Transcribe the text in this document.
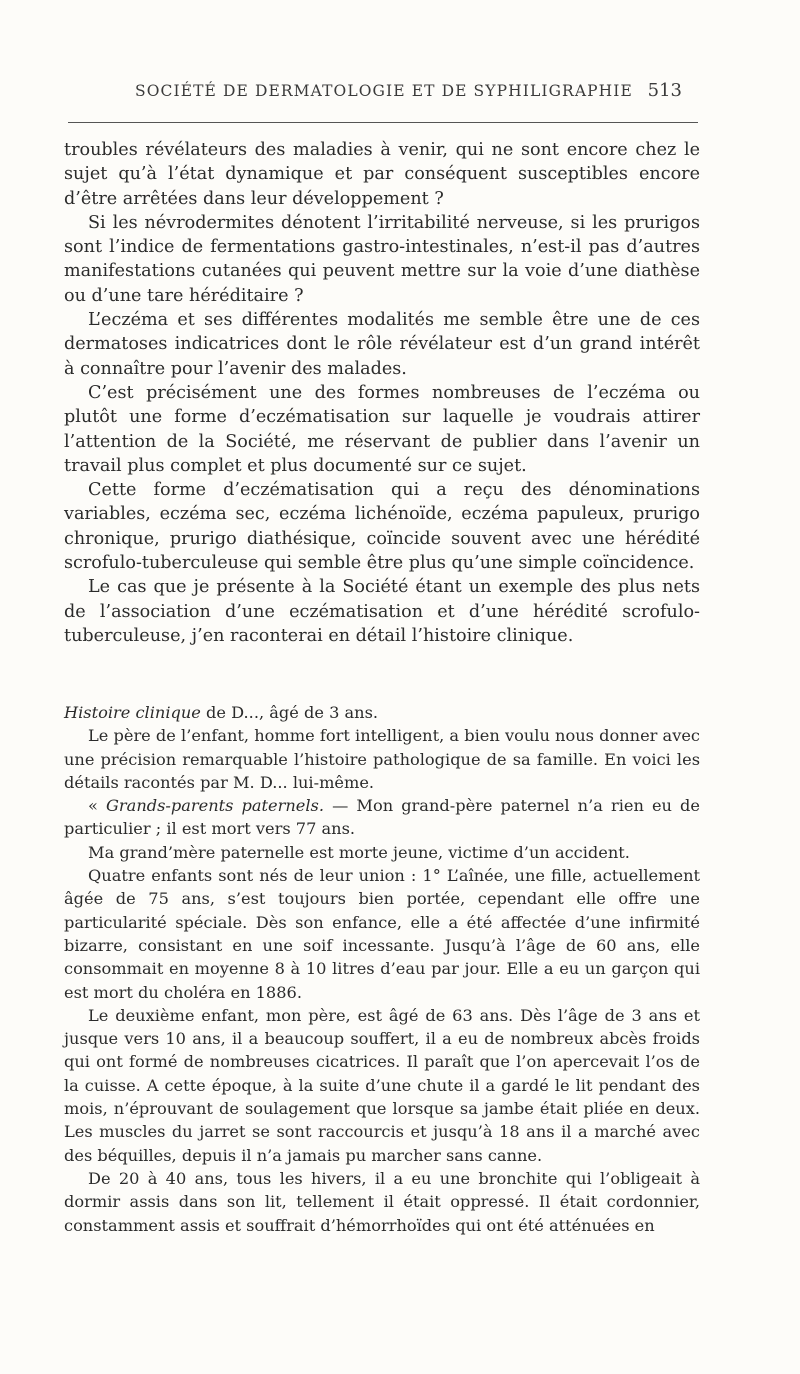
SOCIÉTÉ DE DERMATOLOGIE ET DE SYPHILIGRAPHIE 513

troubles révélateurs des maladies à venir, qui ne sont encore chez le sujet qu’à l’état dynamique et par conséquent susceptibles encore d’être arrêtées dans leur développement ?

Si les névrodermites dénotent l’irritabilité nerveuse, si les prurigos sont l’indice de fermentations gastro-intestinales, n’est-il pas d’autres manifestations cutanées qui peuvent mettre sur la voie d’une diathèse ou d’une tare héréditaire ?

L’eczéma et ses différentes modalités me semble être une de ces dermatoses indicatrices dont le rôle révélateur est d’un grand intérêt à connaître pour l’avenir des malades.

C’est précisément une des formes nombreuses de l’eczéma ou plutôt une forme d’eczématisation sur laquelle je voudrais attirer l’attention de la Société, me réservant de publier dans l’avenir un travail plus complet et plus documenté sur ce sujet.

Cette forme d’eczématisation qui a reçu des dénominations variables, eczéma sec, eczéma lichénoïde, eczéma papuleux, prurigo chronique, prurigo diathésique, coïncide souvent avec une hérédité scrofulo-tuberculeuse qui semble être plus qu’une simple coïncidence.

Le cas que je présente à la Société étant un exemple des plus nets de l’association d’une eczématisation et d’une hérédité scrofulo-tuberculeuse, j’en raconterai en détail l’histoire clinique.

Histoire clinique de D..., âgé de 3 ans.

Le père de l’enfant, homme fort intelligent, a bien voulu nous donner avec une précision remarquable l’histoire pathologique de sa famille. En voici les détails racontés par M. D... lui-même.

« Grands-parents paternels. — Mon grand-père paternel n’a rien eu de particulier ; il est mort vers 77 ans.

Ma grand’mère paternelle est morte jeune, victime d’un accident.

Quatre enfants sont nés de leur union : 1° L’aînée, une fille, actuellement âgée de 75 ans, s’est toujours bien portée, cependant elle offre une particularité spéciale. Dès son enfance, elle a été affectée d’une infirmité bizarre, consistant en une soif incessante. Jusqu’à l’âge de 60 ans, elle consommait en moyenne 8 à 10 litres d’eau par jour. Elle a eu un garçon qui est mort du choléra en 1886.

Le deuxième enfant, mon père, est âgé de 63 ans. Dès l’âge de 3 ans et jusque vers 10 ans, il a beaucoup souffert, il a eu de nombreux abcès froids qui ont formé de nombreuses cicatrices. Il paraît que l’on apercevait l’os de la cuisse. A cette époque, à la suite d’une chute il a gardé le lit pendant des mois, n’éprouvant de soulagement que lorsque sa jambe était pliée en deux. Les muscles du jarret se sont raccourcis et jusqu’à 18 ans il a marché avec des béquilles, depuis il n’a jamais pu marcher sans canne.

De 20 à 40 ans, tous les hivers, il a eu une bronchite qui l’obligeait à dormir assis dans son lit, tellement il était oppressé. Il était cordonnier, constamment assis et souffrait d’hémorrhoïdes qui ont été atténuées en
